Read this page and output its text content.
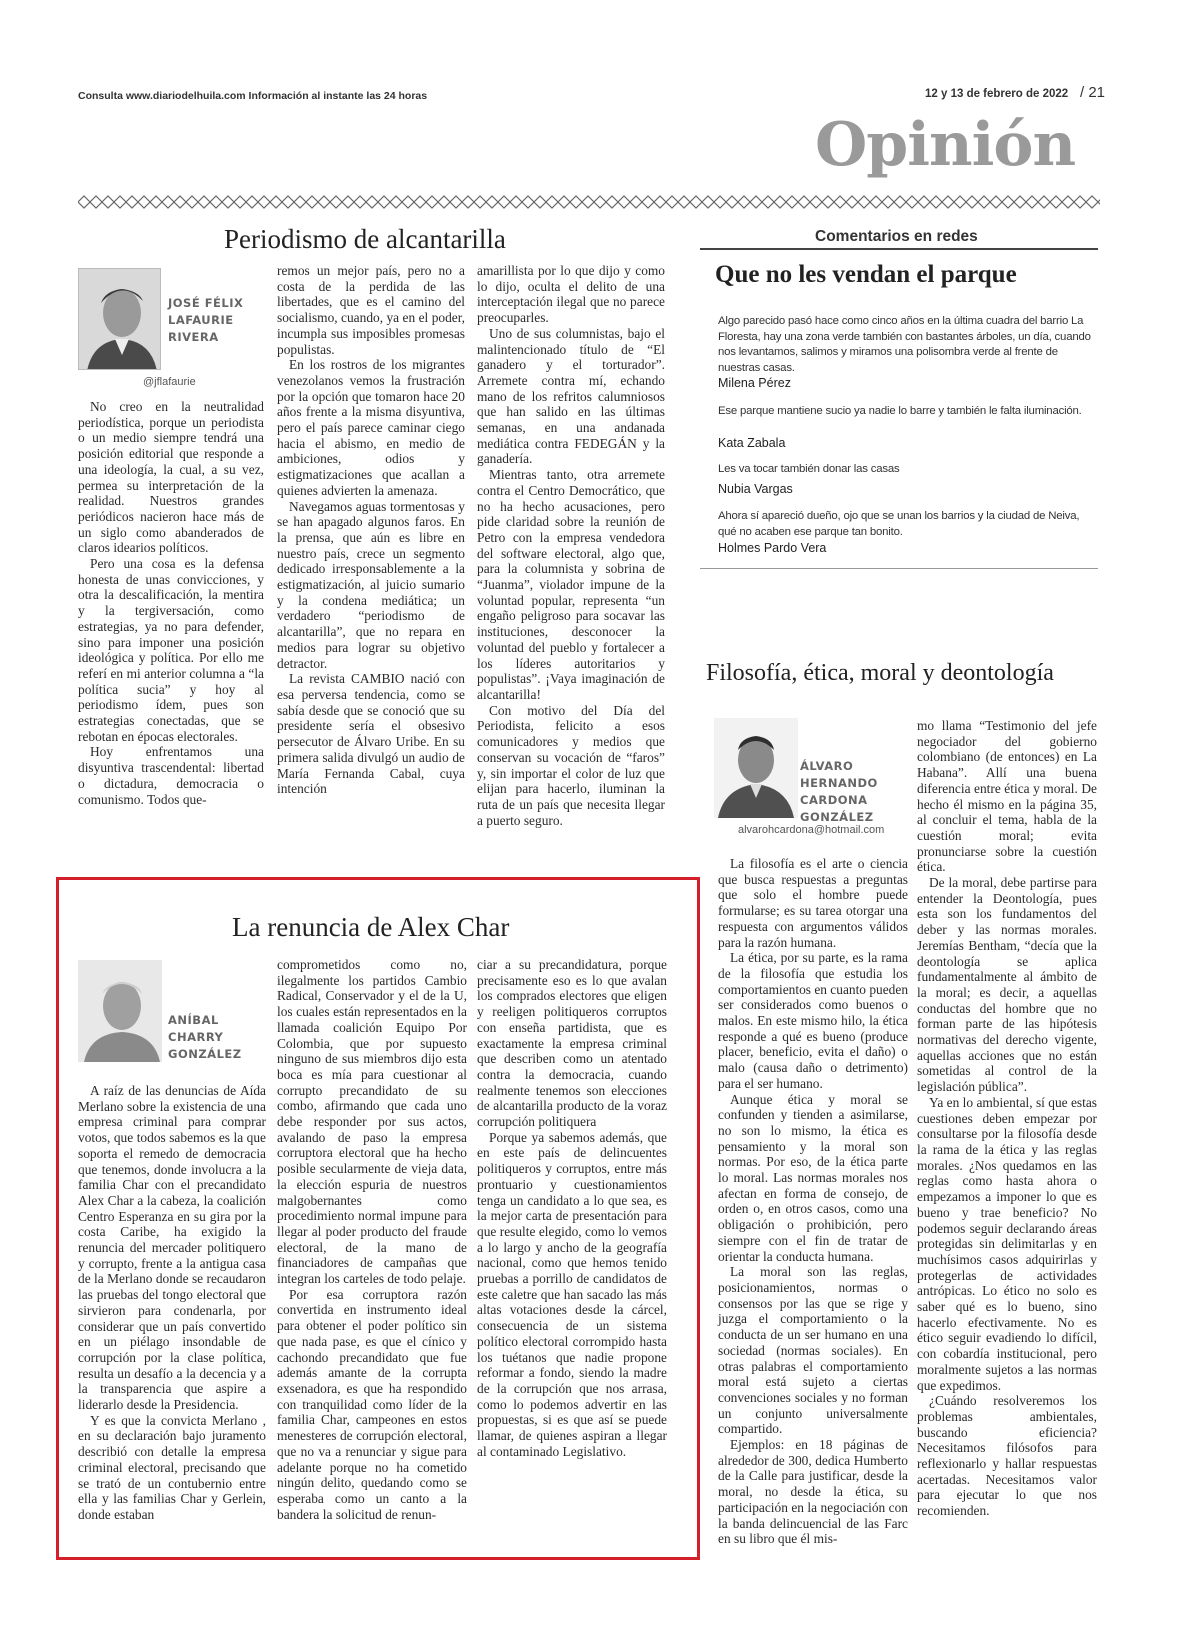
Consulta www.diariodelhuila.com Información al instante las 24 horas	12 y 13 de febrero de 2022 / 21
Opinión
Periodismo de alcantarilla
JOSÉ FÉLIX
LAFAURIE
RIVERA
@jflafaurie

No creo en la neutralidad periodística, porque un periodista o un medio siempre tendrá una posición editorial que responde a una ideología, la cual, a su vez, permea su interpretación de la realidad. Nuestros grandes periódicos nacieron hace más de un siglo como abanderados de claros idearios políticos.

Pero una cosa es la defensa honesta de unas convicciones, y otra la descalificación, la mentira y la tergiversación, como estrategias, ya no para defender, sino para imponer una posición ideológica y política. Por ello me referí en mi anterior columna a “la política sucia” y hoy al periodismo ídem, pues son estrategias conectadas, que se rebotan en épocas electorales.

Hoy enfrentamos una disyuntiva trascendental: libertad o dictadura, democracia o comunismo. Todos que-

remos un mejor país, pero no a costa de la perdida de las libertades, que es el camino del socialismo, cuando, ya en el poder, incumpla sus imposibles promesas populistas.

En los rostros de los migrantes venezolanos vemos la frustración por la opción que tomaron hace 20 años frente a la misma disyuntiva, pero el país parece caminar ciego hacia el abismo, en medio de ambiciones, odios y estigmatizaciones que acallan a quienes advierten la amenaza.

Navegamos aguas tormentosas y se han apagado algunos faros. En la prensa, que aún es libre en nuestro país, crece un segmento dedicado irresponsablemente a la estigmatización, al juicio sumario y la condena mediática; un verdadero “periodismo de alcantarilla”, que no repara en medios para lograr su objetivo detractor.

La revista CAMBIO nació con esa perversa tendencia, como se sabía desde que se conoció que su presidente sería el obsesivo persecutor de Álvaro Uribe. En su primera salida divulgó un audio de María Fernanda Cabal, cuya intención

amarillista por lo que dijo y como lo dijo, oculta el delito de una interceptación ilegal que no parece preocuparles.

Uno de sus columnistas, bajo el malintencionado título de “El ganadero y el torturador”. Arremete contra mí, echando mano de los refritos calumniosos que han salido en las últimas semanas, en una andanada mediática contra FEDEGÁN y la ganadería.

Mientras tanto, otra arremete contra el Centro Democrático, que no ha hecho acusaciones, pero pide claridad sobre la reunión de Petro con la empresa vendedora del software electoral, algo que, para la columnista y sobrina de “Juanma”, violador impune de la voluntad popular, representa “un engaño peligroso para socavar las instituciones, desconocer la voluntad del pueblo y fortalecer a los líderes autoritarios y populistas”. ¡Vaya imaginación de alcantarilla!

Con motivo del Día del Periodista, felicito a esos comunicadores y medios que conservan su vocación de “faros” y, sin importar el color de luz que elijan para hacerlo, iluminan la ruta de un país que necesita llegar a puerto seguro.

Comentarios en redes
Que no les vendan el parque
Algo parecido pasó hace como cinco años en la última cuadra del barrio La Floresta, hay una zona verde también con bastantes árboles, un día, cuando nos levantamos, salimos y miramos una polisombra verde al frente de nuestras casas.
Milena Pérez
Ese parque mantiene sucio ya nadie lo barre y también le falta iluminación.
Kata Zabala
Les va tocar también donar las casas
Nubia Vargas
Ahora sí apareció dueño, ojo que se unan los barrios y la ciudad de Neiva, qué no acaben ese parque tan bonito.
Holmes Pardo Vera
Filosofía, ética, moral y deontología
ÁLVARO
HERNANDO
CARDONA
GONZÁLEZ
alvarohcardona@hotmail.com

La filosofía es el arte o ciencia que busca respuestas a preguntas que solo el hombre puede formularse; es su tarea otorgar una respuesta con argumentos válidos para la razón humana.

La ética, por su parte, es la rama de la filosofía que estudia los comportamientos en cuanto pueden ser considerados como buenos o malos. En este mismo hilo, la ética responde a qué es bueno (produce placer, beneficio, evita el daño) o malo (causa daño o detrimento) para el ser humano.

Aunque ética y moral se confunden y tienden a asimilarse, no son lo mismo, la ética es pensamiento y la moral son normas. Por eso, de la ética parte lo moral. Las normas morales nos afectan en forma de consejo, de orden o, en otros casos, como una obligación o prohibición, pero siempre con el fin de tratar de orientar la conducta humana.

La moral son las reglas, posicionamientos, normas o consensos por las que se rige y juzga el comportamiento o la conducta de un ser humano en una sociedad (normas sociales). En otras palabras el comportamiento moral está sujeto a ciertas convenciones sociales y no forman un conjunto universalmente compartido.

Ejemplos: en 18 páginas de alrededor de 300, dedica Humberto de la Calle para justificar, desde la moral, no desde la ética, su participación en la negociación con la banda delincuencial de las Farc en su libro que él mis-

mo llama “Testimonio del jefe negociador del gobierno colombiano (de entonces) en La Habana”. Allí una buena diferencia entre ética y moral. De hecho él mismo en la página 35, al concluir el tema, habla de la cuestión moral; evita pronunciarse sobre la cuestión ética.

De la moral, debe partirse para entender la Deontología, pues esta son los fundamentos del deber y las normas morales. Jeremías Bentham, “decía que la deontología se aplica fundamentalmente al ámbito de la moral; es decir, a aquellas conductas del hombre que no forman parte de las hipótesis normativas del derecho vigente, aquellas acciones que no están sometidas al control de la legislación pública”.

Ya en lo ambiental, sí que estas cuestiones deben empezar por consultarse por la filosofía desde la rama de la ética y las reglas morales. ¿Nos quedamos en las reglas como hasta ahora o empezamos a imponer lo que es bueno y trae beneficio? No podemos seguir declarando áreas protegidas sin delimitarlas y en muchísimos casos adquirirlas y protegerlas de actividades antrópicas. Lo ético no solo es saber qué es lo bueno, sino hacerlo efectivamente. No es ético seguir evadiendo lo difícil, con cobardía institucional, pero moralmente sujetos a las normas que expedimos.

¿Cuándo resolveremos los problemas ambientales, buscando eficiencia? Necesitamos filósofos para reflexionarlo y hallar respuestas acertadas. Necesitamos valor para ejecutar lo que nos recomienden.

La renuncia de Alex Char
ANÍBAL
CHARRY
GONZÁLEZ

A raíz de las denuncias de Aída Merlano sobre la existencia de una empresa criminal para comprar votos, que todos sabemos es la que soporta el remedo de democracia que tenemos, donde involucra a la familia Char con el precandidato Alex Char a la cabeza, la coalición Centro Esperanza en su gira por la costa Caribe, ha exigido la renuncia del mercader politiquero y corrupto, frente a la antigua casa de la Merlano donde se recaudaron las pruebas del tongo electoral que sirvieron para condenarla, por considerar que un país convertido en un piélago insondable de corrupción por la clase política, resulta un desafío a la decencia y a la transparencia que aspire a liderarlo desde la Presidencia.

Y es que la convicta Merlano , en su declaración bajo juramento describió con detalle la empresa criminal electoral, precisando que se trató de un contubernio entre ella y las familias Char y Gerlein, donde estaban

comprometidos como no, ilegalmente los partidos Cambio Radical, Conservador y el de la U, los cuales están representados en la llamada coalición Equipo Por Colombia, que por supuesto ninguno de sus miembros dijo esta boca es mía para cuestionar al corrupto precandidato de su combo, afirmando que cada uno debe responder por sus actos, avalando de paso la empresa corruptora electoral que ha hecho posible secularmente de vieja data, la elección espuria de nuestros malgobernantes como procedimiento normal impune para llegar al poder producto del fraude electoral, de la mano de financiadores de campañas que integran los carteles de todo pelaje.

Por esa corruptora razón convertida en instrumento ideal para obtener el poder político sin que nada pase, es que el cínico y cachondo precandidato que fue además amante de la corrupta exsenadora, es que ha respondido con tranquilidad como líder de la familia Char, campeones en estos menesteres de corrupción electoral, que no va a renunciar y sigue para adelante porque no ha cometido ningún delito, quedando como se esperaba como un canto a la bandera la solicitud de renun-

ciar a su precandidatura, porque precisamente eso es lo que avalan los comprados electores que eligen y reeligen politiqueros corruptos con enseña partidista, que es exactamente la empresa criminal que describen como un atentado contra la democracia, cuando realmente tenemos son elecciones de alcantarilla producto de la voraz corrupción politiquera

Porque ya sabemos además, que en este país de delincuentes politiqueros y corruptos, entre más prontuario y cuestionamientos tenga un candidato a lo que sea, es la mejor carta de presentación para que resulte elegido, como lo vemos a lo largo y ancho de la geografía nacional, como que hemos tenido pruebas a porrillo de candidatos de este caletre que han sacado las más altas votaciones desde la cárcel, consecuencia de un sistema político electoral corrompido hasta los tuétanos que nadie propone reformar a fondo, siendo la madre de la corrupción que nos arrasa, como lo podemos advertir en las propuestas, si es que así se puede llamar, de quienes aspiran a llegar al contaminado Legislativo.
